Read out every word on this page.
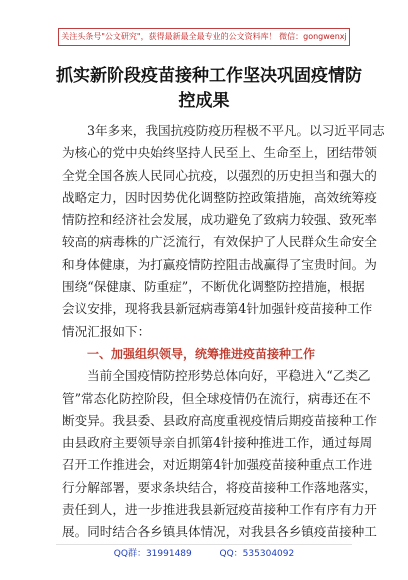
关注头条号"公文研究"，获得最新最全最专业的公文资料库！ 微信：gongwenxj
抓实新阶段疫苗接种工作坚决巩固疫情防
控成果
3年多来，我国抗疫防疫历程极不平凡。以习近平同志
为核心的党中央始终坚持人民至上、生命至上，团结带领
全党全国各族人民同心抗疫，以强烈的历史担当和强大的
战略定力，因时因势优化调整防控政策措施，高效统筹疫
情防控和经济社会发展，成功避免了致病力较强、致死率
较高的病毒株的广泛流行，有效保护了人民群众生命安全
和身体健康，为打赢疫情防控阻击战赢得了宝贵时间。为
围绕“保健康、防重症”，不断优化调整防控措施，根据
会议安排，现将我县新冠病毒第4针加强针疫苗接种工作
情况汇报如下：
一、加强组织领导，统筹推进疫苗接种工作
当前全国疫情防控形势总体向好，平稳进入“乙类乙
管”常态化防控阶段，但全球疫情仍在流行，病毒还在不
断变异。我县委、县政府高度重视疫情后期疫苗接种工作
由县政府主要领导亲自抓第4针接种推进工作，通过每周
召开工作推进会，对近期第4针加强疫苗接种重点工作进
行分解部署，要求条块结合，将疫苗接种工作落地落实，
责任到人，进一步推进我县新冠疫苗接种工作有序有力开
展。同时结合各乡镇具体情况，对我县各乡镇疫苗接种工
QQ群：31991489	QQ：535304092
